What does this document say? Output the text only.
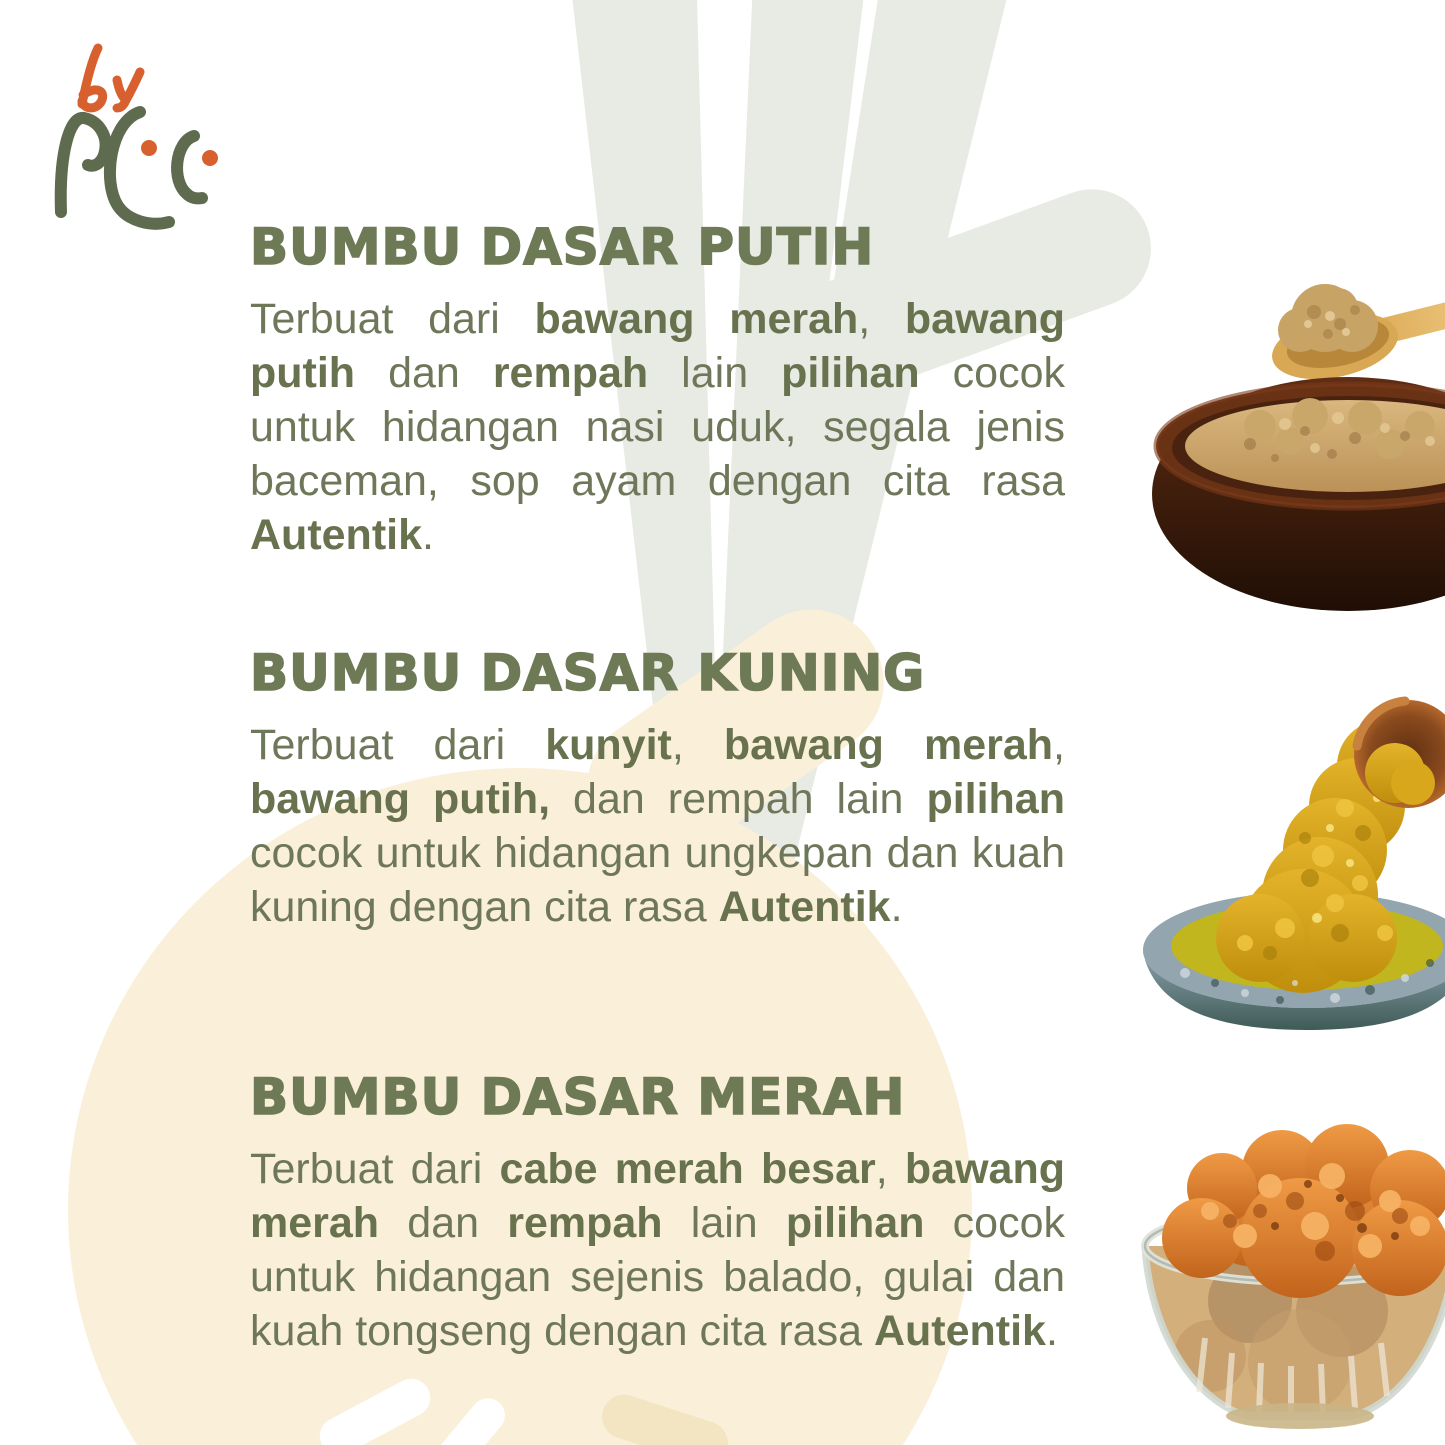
BUMBU DASAR PUTIH

Terbuat dari bawang merah, bawang putih dan rempah lain pilihan cocok untuk hidangan nasi uduk, segala jenis baceman, sop ayam dengan cita rasa Autentik.

BUMBU DASAR KUNING

Terbuat dari kunyit, bawang merah, bawang putih, dan rempah lain pilihan cocok untuk hidangan ungkepan dan kuah kuning dengan cita rasa Autentik.

BUMBU DASAR MERAH

Terbuat dari cabe merah besar, bawang merah dan rempah lain pilihan cocok untuk hidangan sejenis balado, gulai dan kuah tongseng dengan cita rasa Autentik.
